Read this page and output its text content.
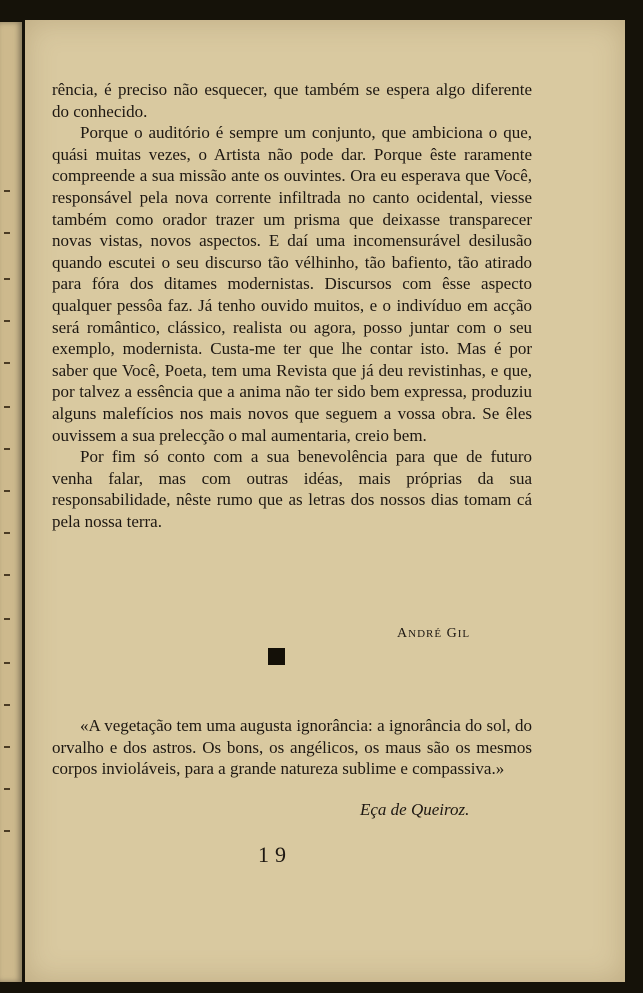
rência, é preciso não esquecer, que também se espera algo diferente do conhecido.

Porque o auditório é sempre um conjunto, que ambiciona o que, quási muitas vezes, o Artista não pode dar. Porque êste raramente compreende a sua missão ante os ouvintes. Ora eu esperava que Você, responsável pela nova corrente infiltrada no canto ocidental, viesse também como orador trazer um prisma que deixasse transparecer novas vistas, novos aspectos. E daí uma incomensurável desilusão quando escutei o seu discurso tão vélhinho, tão bafiento, tão atirado para fóra dos ditames modernistas. Discursos com êsse aspecto qualquer pessôa faz. Já tenho ouvido muitos, e o indivíduo em acção será romântico, clássico, realista ou agora, posso juntar com o seu exemplo, modernista. Custa-me ter que lhe contar isto. Mas é por saber que Você, Poeta, tem uma Revista que já deu revistinhas, e que, por talvez a essência que a anima não ter sido bem expressa, produziu alguns malefícios nos mais novos que seguem a vossa obra. Se êles ouvissem a sua prelecção o mal aumentaria, creio bem.

Por fim só conto com a sua benevolência para que de futuro venha falar, mas com outras idéas, mais próprias da sua responsabilidade, nêste rumo que as letras dos nossos dias tomam cá pela nossa terra.

ANDRÉ GIL

«A vegetação tem uma augusta ignorância: a ignorância do sol, do orvalho e dos astros. Os bons, os angélicos, os maus são os mesmos corpos invioláveis, para a grande natureza sublime e compassiva.»

Eça de Queiroz.
19
